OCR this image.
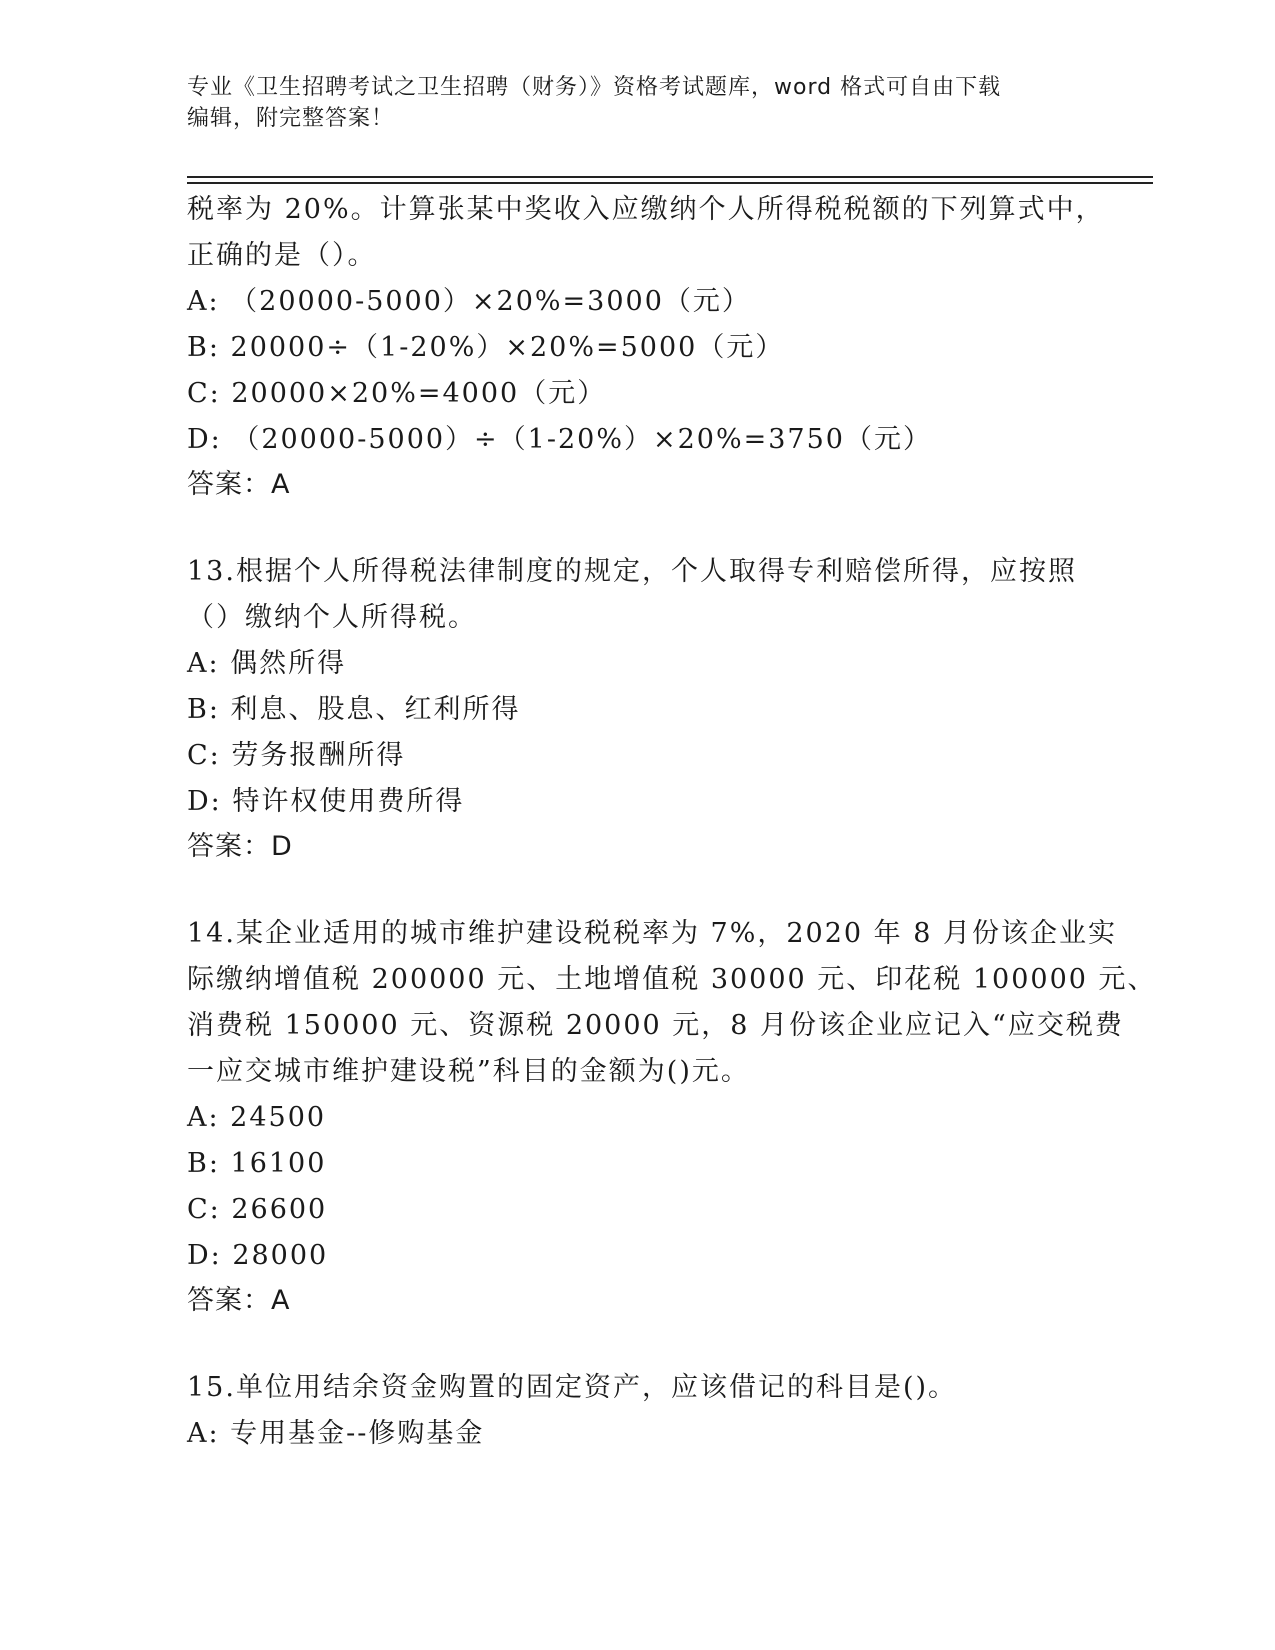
专业《卫生招聘考试之卫生招聘（财务）》资格考试题库，word 格式可自由下载
编辑，附完整答案！
税率为 20%。计算张某中奖收入应缴纳个人所得税税额的下列算式中，
正确的是（）。
A: （20000-5000）×20%=3000（元）
B: 20000÷（1-20%）×20%=5000（元）
C: 20000×20%=4000（元）
D: （20000-5000）÷（1-20%）×20%=3750（元）
答案：A
13.根据个人所得税法律制度的规定，个人取得专利赔偿所得，应按照
（）缴纳个人所得税。
A: 偶然所得
B: 利息、股息、红利所得
C: 劳务报酬所得
D: 特许权使用费所得
答案：D
14.某企业适用的城市维护建设税税率为 7%，2020 年 8 月份该企业实
际缴纳增值税 200000 元、土地增值税 30000 元、印花税 100000 元、
消费税 150000 元、资源税 20000 元，8 月份该企业应记入“应交税费
一应交城市维护建设税”科目的金额为()元。
A: 24500
B: 16100
C: 26600
D: 28000
答案：A
15.单位用结余资金购置的固定资产，应该借记的科目是()。
A: 专用基金--修购基金
